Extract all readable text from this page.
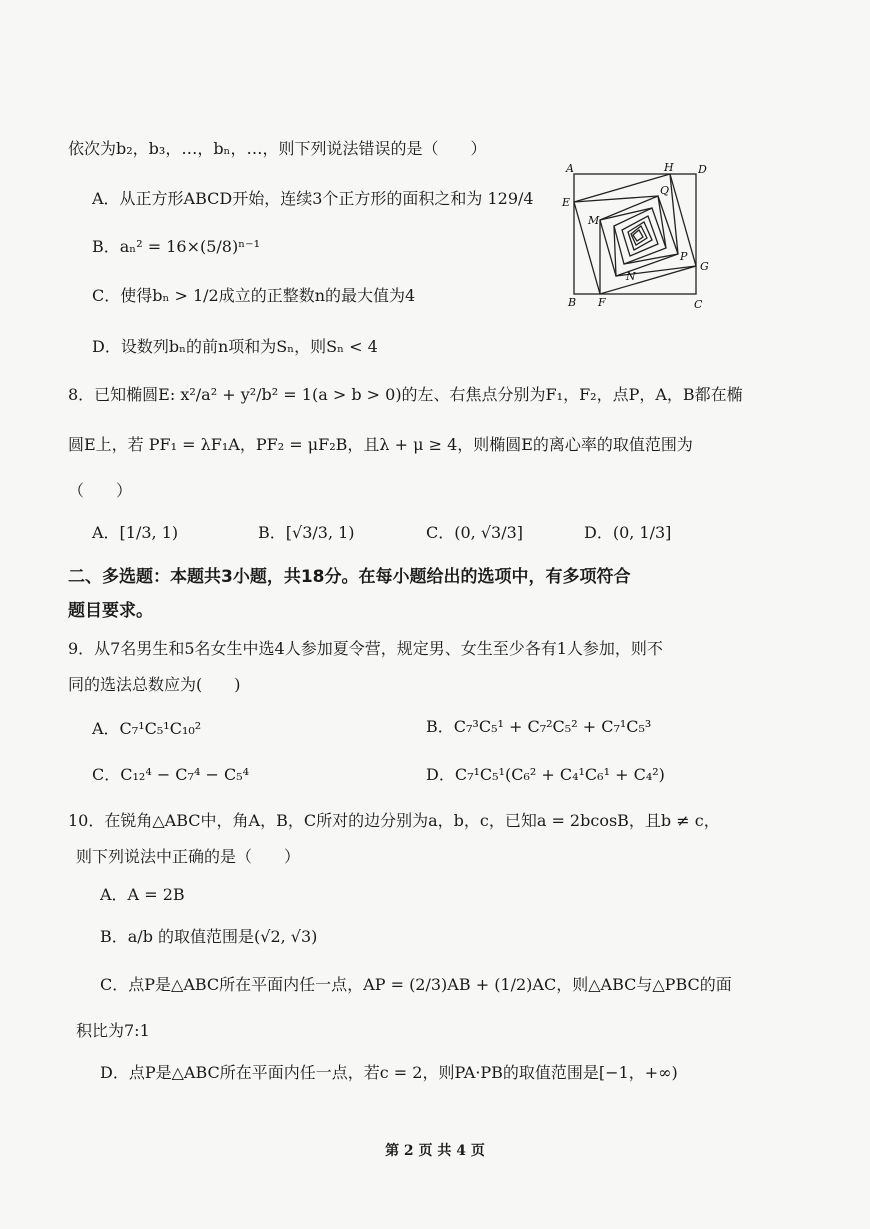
依次为b₂，b₃，…，bₙ，…，则下列说法错误的是（　　）
A．从正方形ABCD开始，连续3个正方形的面积之和为 129/4
B．aₙ² = 16×(5/8)ⁿ⁻¹
C．使得bₙ > 1/2成立的正整数n的最大值为4
D．设数列bₙ的前n项和为Sₙ，则Sₙ < 4
A	H D
E
Q
M
N
P
G
B F	C
8．已知椭圆E: x²/a² + y²/b² = 1(a > b > 0)的左、右焦点分别为F₁，F₂，点P，A，B都在椭
圆E上，若 PF₁ = λF₁A，PF₂ = μF₂B，且λ + μ ≥ 4，则椭圆E的离心率的取值范围为
（　　）
A．[1/3, 1)	B．[√3/3, 1)	C．(0, √3/3]	D．(0, 1/3]
二、多选题：本题共3小题，共18分。在每小题给出的选项中，有多项符合
题目要求。
9．从7名男生和5名女生中选4人参加夏令营，规定男、女生至少各有1人参加，则不
同的选法总数应为(　　)
A．C₇¹C₅¹C₁₀²	B．C₇³C₅¹ + C₇²C₅² + C₇¹C₅³
C．C₁₂⁴ − C₇⁴ − C₅⁴	D．C₇¹C₅¹(C₆² + C₄¹C₆¹ + C₄²)
10．在锐角△ABC中，角A，B，C所对的边分别为a，b，c，已知a = 2bcosB，且b ≠ c，
则下列说法中正确的是（　　）
A．A = 2B
B．a/b 的取值范围是(√2, √3)
C．点P是△ABC所在平面内任一点，AP = (2/3)AB + (1/2)AC，则△ABC与△PBC的面
积比为7:1
D．点P是△ABC所在平面内任一点，若c = 2，则PA·PB的取值范围是[−1，+∞)
第 2 页 共 4 页
